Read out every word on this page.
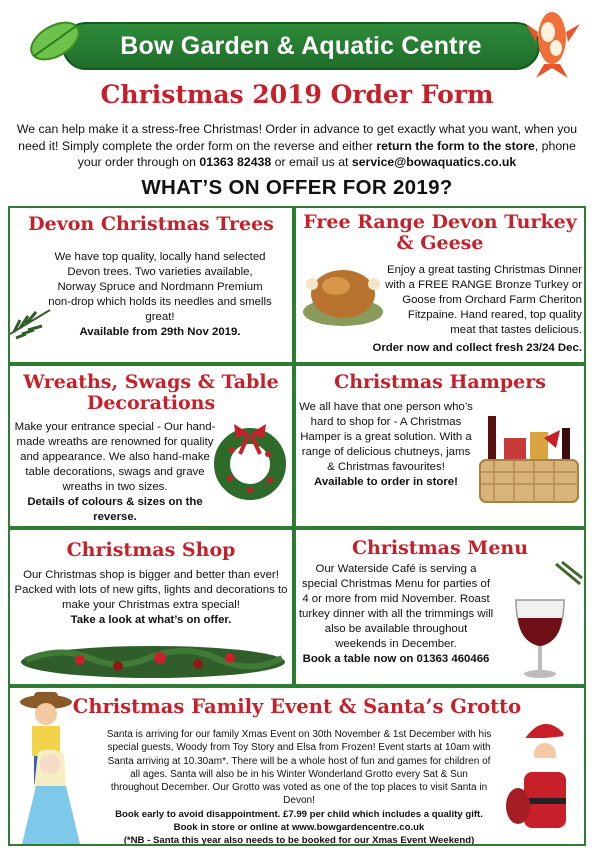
Bow Garden & Aquatic Centre
Christmas 2019 Order Form
We can help make it a stress-free Christmas! Order in advance to get exactly what you want, when you need it! Simply complete the order form on the reverse and either return the form to the store, phone your order through on 01363 82438 or email us at service@bowaquatics.co.uk
WHAT’S ON OFFER FOR 2019?
Devon Christmas Trees
We have top quality, locally hand selected Devon trees. Two varieties available, Norway Spruce and Nordmann Premium non-drop which holds its needles and smells great!
Available from 29th Nov 2019.
Free Range Devon Turkey & Geese
Enjoy a great tasting Christmas Dinner with a FREE RANGE Bronze Turkey or Goose from Orchard Farm Cheriton Fitzpaine. Hand reared, top quality meat that tastes delicious.
Order now and collect fresh 23/24 Dec.
Wreaths, Swags & Table Decorations
Make your entrance special - Our hand-made wreaths are renowned for quality and appearance. We also hand-make table decorations, swags and grave wreaths in two sizes.
Details of colours & sizes on the reverse.
Christmas Hampers
We all have that one person who’s hard to shop for - A Christmas Hamper is a great solution. With a range of delicious chutneys, jams & Christmas favourites!
Available to order in store!
Christmas Shop
Our Christmas shop is bigger and better than ever! Packed with lots of new gifts, lights and decorations to make your Christmas extra special!
Take a look at what’s on offer.
Christmas Menu
Our Waterside Café is serving a special Christmas Menu for parties of 4 or more from mid November. Roast turkey dinner with all the trimmings will also be available throughout weekends in December.
Book a table now on 01363 460466
Christmas Family Event & Santa’s Grotto
Santa is arriving for our family Xmas Event on 30th November & 1st December with his special guests, Woody from Toy Story and Elsa from Frozen! Event starts at 10am with Santa arriving at 10.30am*. There will be a whole host of fun and games for children of all ages. Santa will also be in his Winter Wonderland Grotto every Sat & Sun throughout December. Our Grotto was voted as one of the top places to visit Santa in Devon!
Book early to avoid disappointment. £7.99 per child which includes a quality gift. Book in store or online at www.bowgardencentre.co.uk
(*NB - Santa this year also needs to be booked for our Xmas Event Weekend)
